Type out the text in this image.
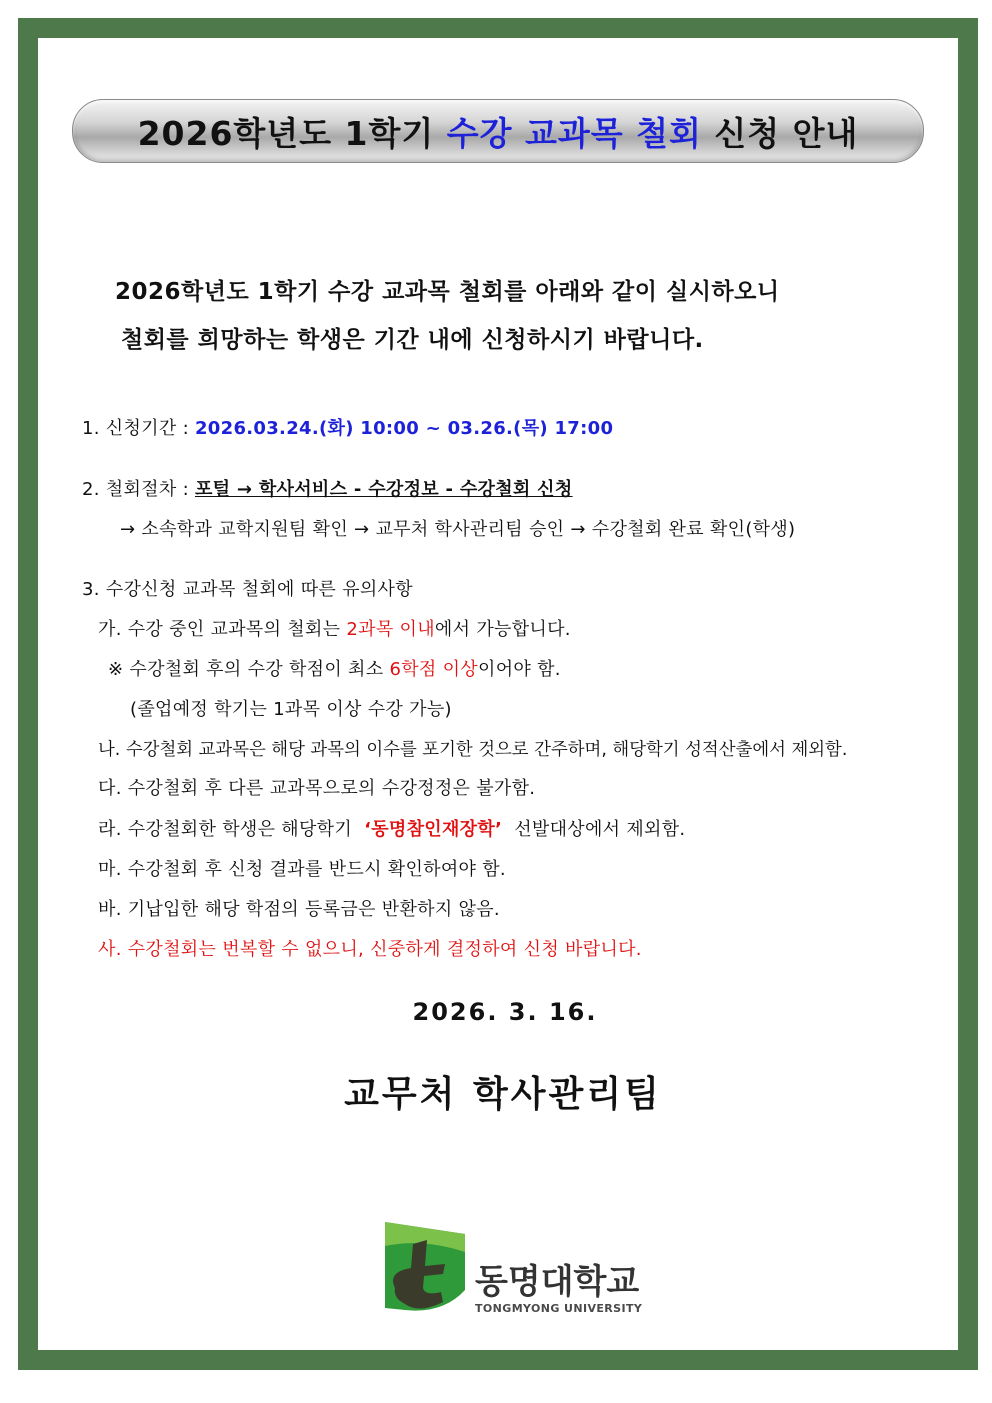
2026학년도 1학기 수강 교과목 철회 신청 안내
2026학년도 1학기 수강 교과목 철회를 아래와 같이 실시하오니
철회를 희망하는 학생은 기간 내에 신청하시기 바랍니다.
1. 신청기간 : 2026.03.24.(화) 10:00 ~ 03.26.(목) 17:00
2. 철회절차 : 포털 → 학사서비스 - 수강정보 - 수강철회 신청
→ 소속학과 교학지원팀 확인 → 교무처 학사관리팀 승인 → 수강철회 완료 확인(학생)
3. 수강신청 교과목 철회에 따른 유의사항
가. 수강 중인 교과목의 철회는 2과목 이내에서 가능합니다.
※ 수강철회 후의 수강 학점이 최소 6학점 이상이어야 함.
(졸업예정 학기는 1과목 이상 수강 가능)
나. 수강철회 교과목은 해당 과목의 이수를 포기한 것으로 간주하며, 해당학기 성적산출에서 제외함.
다. 수강철회 후 다른 교과목으로의 수강정정은 불가함.
라. 수강철회한 학생은 해당학기  ‘동명참인재장학’  선발대상에서 제외함.
마. 수강철회 후 신청 결과를 반드시 확인하여야 함.
바. 기납입한 해당 학점의 등록금은 반환하지 않음.
사. 수강철회는 번복할 수 없으니, 신중하게 결정하여 신청 바랍니다.
2026. 3. 16.
교무처 학사관리팀
동명대학교
TONGMYONG UNIVERSITY
